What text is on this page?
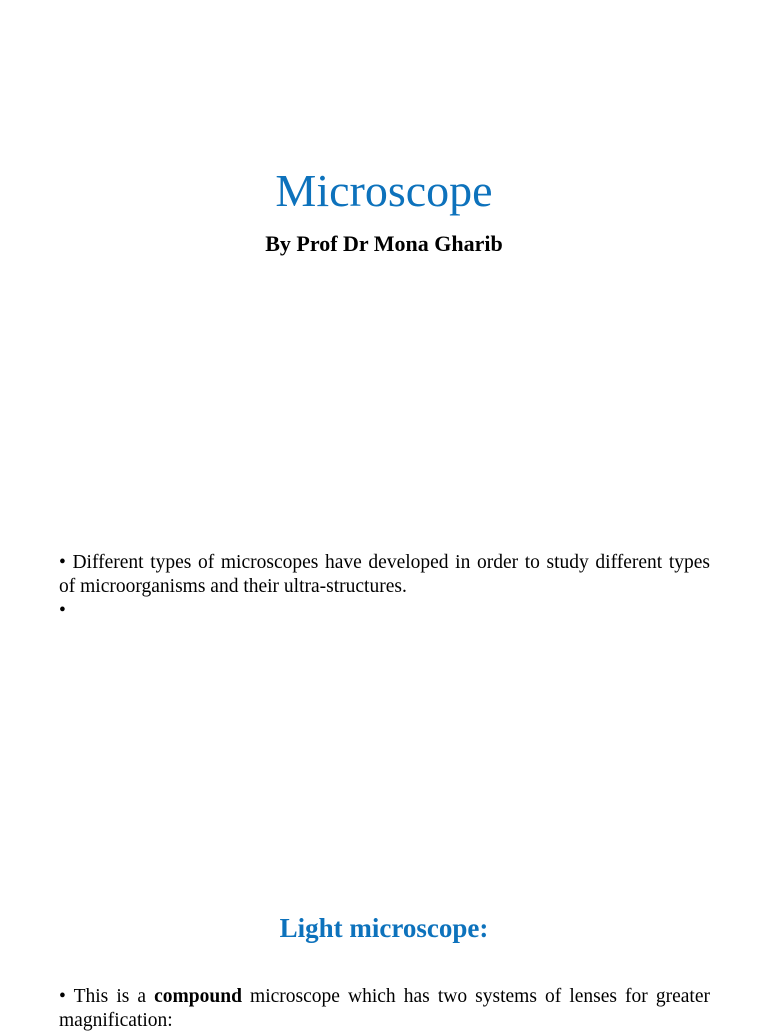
Microscope

By Prof Dr Mona Gharib

• Different types of microscopes have developed in order to study different types of microorganisms and their ultra-structures.
•
Light microscope:
• This is a compound microscope which has two systems of lenses for greater magnification:
